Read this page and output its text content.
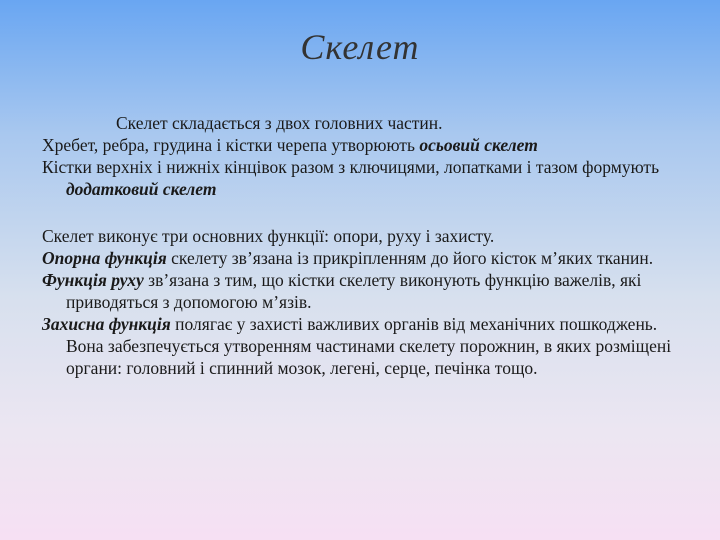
Скелет

Скелет складається з двох головних частин.

Хребет, ребра, грудина і кістки черепа утворюють осьовий скелет

Кістки верхніх і нижніх кінцівок разом з ключицями, лопатками і тазом формують додатковий скелет

Скелет виконує три основних функції: опори, руху і захисту.

Опорна функція скелету зв’язана із прикріпленням до його кісток м’яких тканин.

Функція руху зв’язана з тим, що кістки скелету виконують функцію важелів, які приводяться з допомогою м’язів.

Захисна функція полягає у захисті важливих органів від механічних пошкоджень. Вона забезпечується утворенням частинами скелету порожнин, в яких розміщені органи: головний і спинний мозок, легені, серце, печінка тощо.
